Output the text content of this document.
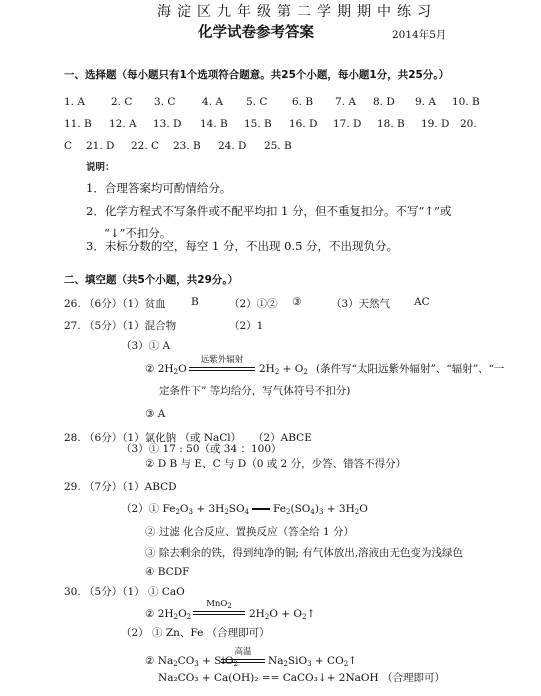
海淀区九年级第二学期期中练习
化学试卷参考答案	2014年5月
一、选择题（每小题只有1个选项符合题意。共25个小题，每小题1分，共25分。）
1. A 2. C 3. C	4. A 5. C 6. B 7. A 8. D 9. A 10. B
11. B 12. A 13. D 14. B 15. B 16. D 17. D 18. B 19. D 20.
C 21. D 22. C 23. B 24. D 25. B
说明：
1．合理答案均可酌情给分。
2．化学方程式不写条件或不配平均扣 1 分，但不重复扣分。不写“↑”或
“↓”不扣分。
3．未标分数的空，每空 1 分，不出现 0.5 分，不出现负分。
二、填空题（共5个小题，共29分。）
26. （6分）（1）贫血 B	（2）①② ③	（3）天然气 AC
27. （5分）（1）混合物	（2）1
（3）① A
② $2H_2O$
远紫外辐射
$2H_2 + O_2$ (条件写“太阳远紫外辐射”、“辐射”、“一
定条件下” 等均给分，写气体符号不扣分)
③ A
28. （6分）（1）氯化钠 （或 NaCl） （2）ABCE
（3）① 17 : 50（或 34 ：100）
② D B 与 E、C 与 D（0 或 2 分，少答、错答不得分）
29. （7分）（1）ABCD
（2）① $Fe_2O_3 + 3H_2SO_4$ $Fe_2(SO_4)_3 + 3H_2O$
② 过滤 化合反应、置换反应（答全给 1 分）
③ 除去剩余的铁，得到纯净的铜; 有气体放出,溶液由无色变为浅绿色
④ BCDF
30. （5分）（1） ① CaO
② $2H_2O_2$
MnO$_2$
$2H_2O$ + $O_2↑$
（2） ① Zn、Fe （合理即可）
② $Na_2CO_3 + SiO_2$
高温
$Na_2SiO_3$ + $CO_2↑$
Na₂CO₃ + Ca(OH)₂ == CaCO₃↓+ 2NaOH （合理即可）
